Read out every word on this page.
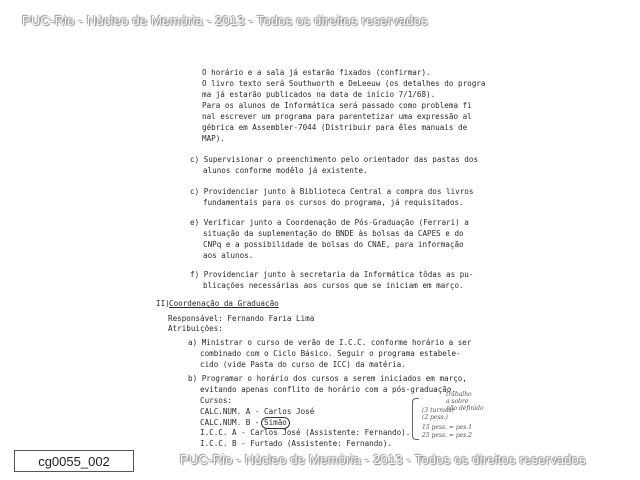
PUC-Rio - Núcleo de Memória - 2013 - Todos os direitos reservados
O horário e a sala já estarão fixados (confirmar).
O livro texto será Southworth e DeLeeuw (os detalhes do progra
ma já estarão publicados na data de início 7/1/68).
Para os alunos de Informática será passado como problema fi
nal escrever um programa para parentetizar uma expressão al
gébrica em Assembler-7044 (Distribuir para êles manuais de
MAP).
c) Supervisionar o preenchimento pelo orientador das pastas dos
alunos conforme modêlo já existente.
c) Providenciar junto à Biblioteca Central a compra dos livros
fundamentais para os cursos do programa, já requisitados.
e) Verificar junto a Coordenação de Pós-Graduação (Ferrari) a
situação da suplementação do BNDE às bolsas da CAPES e do
CNPq e a possibilidade de bolsas do CNAE, para informação
aos alunos.
f) Providenciar junto à secretaria da Informática tôdas as pu-
blicações necessárias aos cursos que se iniciam em março.
II) Coordenação da Graduação
Responsável: Fernando Faria Lima
Atribuições:
a) Ministrar o curso de verão de I.C.C. conforme horário a ser
combinado com o Ciclo Básico. Seguir o programa estabele-
cido (vide Pasta do curso de ICC) da matéria.
b) Programar o horário dos cursos a serem iniciados em março,
evitando apenas conflito de horário com a pós-graduação.
Cursos:
CALC.NUM. A - Carlos José
CALC.NUM. B - Simão
I.C.C. A - Carlos José (Assistente: Fernando).
I.C.C. B - Furtado (Assistente: Fernando).
(3 turmas)
(2 pess.)
15 pess. = pes.1
25 pess. = pes.2
trabalho
a sobre
não definido
cg0055_002	PUC-Rio - Núcleo de Memória - 2013 - Todos os direitos reservados
